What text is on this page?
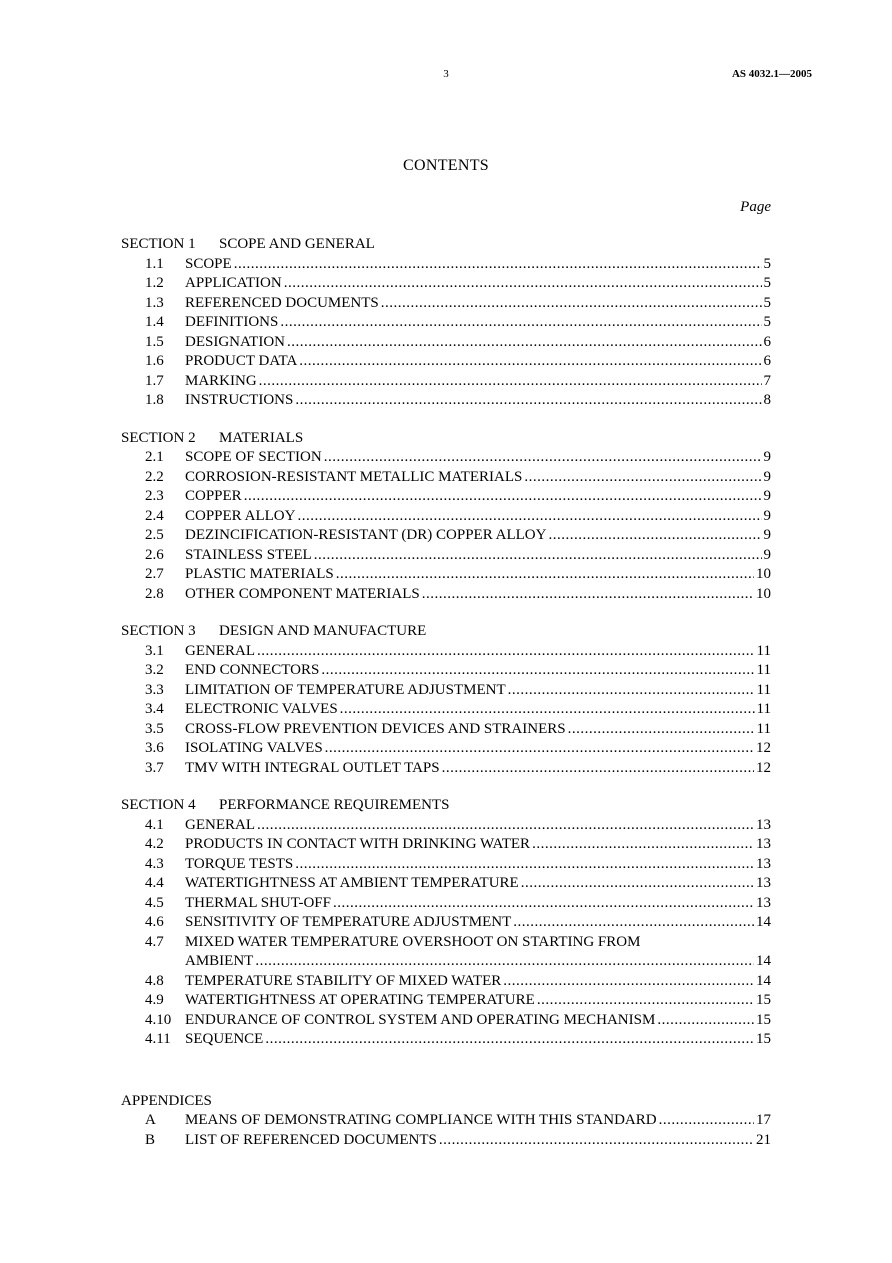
3	AS 4032.1—2005
CONTENTS
Page
SECTION 1 SCOPE AND GENERAL
1.1	SCOPE .....	5
1.2	APPLICATION .....	5
1.3	REFERENCED DOCUMENTS .....	5
1.4	DEFINITIONS .....	5
1.5	DESIGNATION .....	6
1.6	PRODUCT DATA .....	6
1.7	MARKING .....	7
1.8	INSTRUCTIONS .....	8
SECTION 2 MATERIALS
2.1	SCOPE OF SECTION .....	9
2.2	CORROSION-RESISTANT METALLIC MATERIALS .....	9
2.3	COPPER .....	9
2.4	COPPER ALLOY .....	9
2.5	DEZINCIFICATION-RESISTANT (DR) COPPER ALLOY .....	9
2.6	STAINLESS STEEL .....	9
2.7	PLASTIC MATERIALS .....	10
2.8	OTHER COMPONENT MATERIALS .....	10
SECTION 3 DESIGN AND MANUFACTURE
3.1	GENERAL .....	11
3.2	END CONNECTORS .....	11
3.3	LIMITATION OF TEMPERATURE ADJUSTMENT .....	11
3.4	ELECTRONIC VALVES .....	11
3.5	CROSS-FLOW PREVENTION DEVICES AND STRAINERS .....	11
3.6	ISOLATING VALVES .....	12
3.7	TMV WITH INTEGRAL OUTLET TAPS .....	12
SECTION 4 PERFORMANCE REQUIREMENTS
4.1	GENERAL .....	13
4.2	PRODUCTS IN CONTACT WITH DRINKING WATER .....	13
4.3	TORQUE TESTS .....	13
4.4	WATERTIGHTNESS AT AMBIENT TEMPERATURE .....	13
4.5	THERMAL SHUT-OFF .....	13
4.6	SENSITIVITY OF TEMPERATURE ADJUSTMENT .....	14
4.7	MIXED WATER TEMPERATURE OVERSHOOT ON STARTING FROM
AMBIENT .....	14
4.8	TEMPERATURE STABILITY OF MIXED WATER .....	14
4.9	WATERTIGHTNESS AT OPERATING TEMPERATURE .....	15
4.10 ENDURANCE OF CONTROL SYSTEM AND OPERATING MECHANISM .....	15
4.11 SEQUENCE .....	15
APPENDICES
A	MEANS OF DEMONSTRATING COMPLIANCE WITH THIS STANDARD .....	17
B	LIST OF REFERENCED DOCUMENTS .....	21
